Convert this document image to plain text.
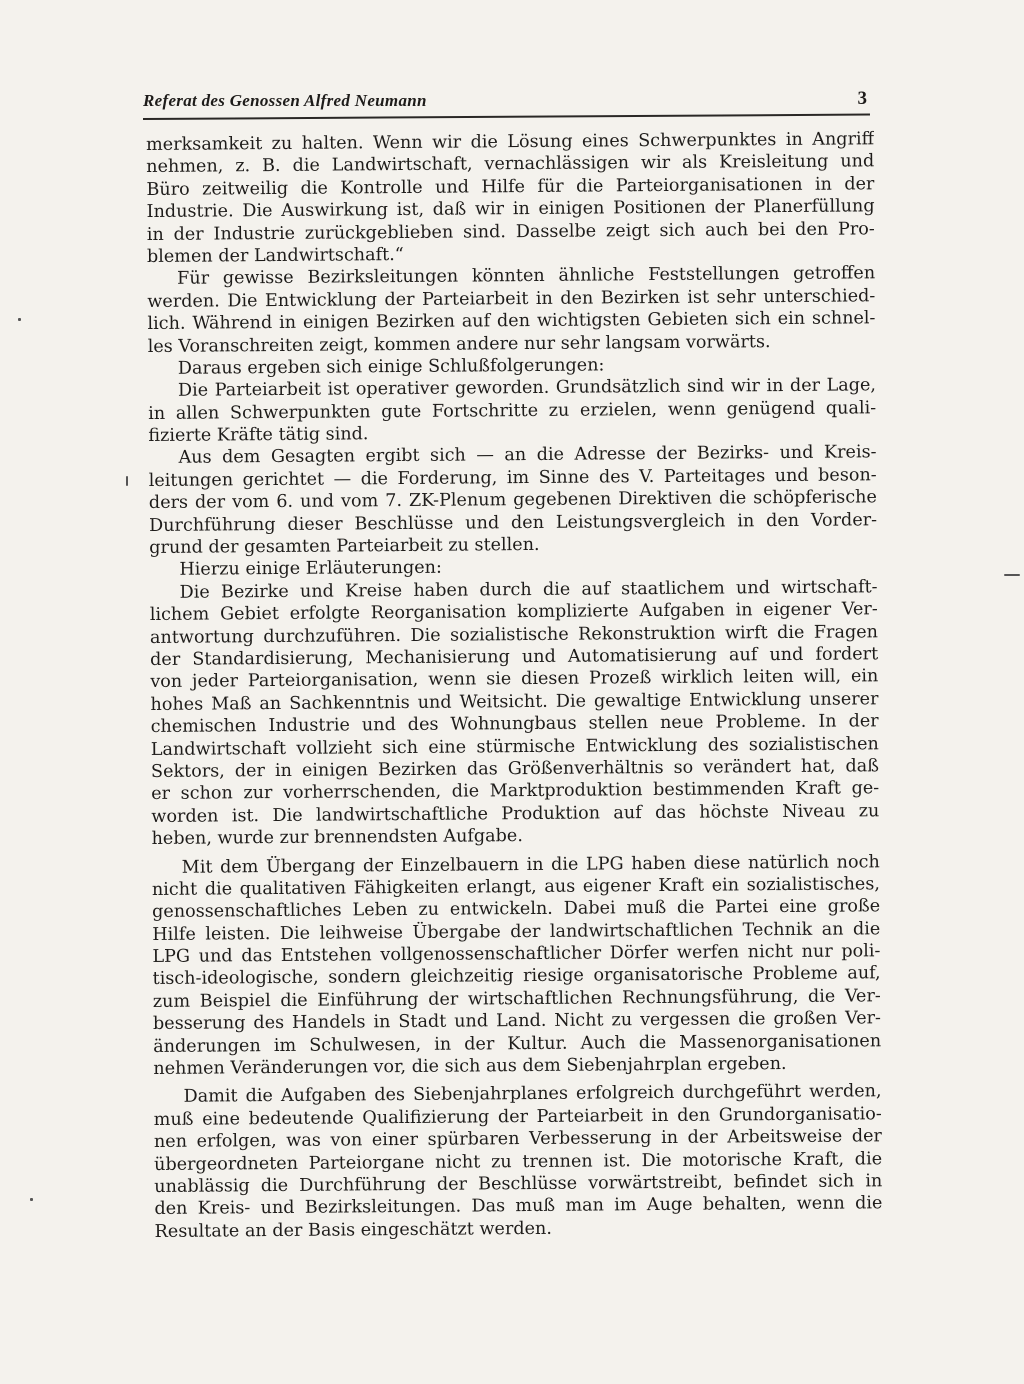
Referat des Genossen Alfred Neumann	3
merksamkeit zu halten. Wenn wir die Lösung eines Schwerpunktes in Angriff
nehmen, z. B. die Landwirtschaft, vernachlässigen wir als Kreisleitung und
Büro zeitweilig die Kontrolle und Hilfe für die Parteiorganisationen in der
Industrie. Die Auswirkung ist, daß wir in einigen Positionen der Planerfüllung
in der Industrie zurückgeblieben sind. Dasselbe zeigt sich auch bei den Pro-
blemen der Landwirtschaft.“
Für gewisse Bezirksleitungen könnten ähnliche Feststellungen getroffen
werden. Die Entwicklung der Parteiarbeit in den Bezirken ist sehr unterschied-
lich. Während in einigen Bezirken auf den wichtigsten Gebieten sich ein schnel-
les Voranschreiten zeigt, kommen andere nur sehr langsam vorwärts.
Daraus ergeben sich einige Schlußfolgerungen:
Die Parteiarbeit ist operativer geworden. Grundsätzlich sind wir in der Lage,
in allen Schwerpunkten gute Fortschritte zu erzielen, wenn genügend quali-
fizierte Kräfte tätig sind.
Aus dem Gesagten ergibt sich — an die Adresse der Bezirks- und Kreis-
leitungen gerichtet — die Forderung, im Sinne des V. Parteitages und beson-
ders der vom 6. und vom 7. ZK-Plenum gegebenen Direktiven die schöpferische
Durchführung dieser Beschlüsse und den Leistungsvergleich in den Vorder-
grund der gesamten Parteiarbeit zu stellen.
Hierzu einige Erläuterungen:
Die Bezirke und Kreise haben durch die auf staatlichem und wirtschaft-
lichem Gebiet erfolgte Reorganisation komplizierte Aufgaben in eigener Ver-
antwortung durchzuführen. Die sozialistische Rekonstruktion wirft die Fragen
der Standardisierung, Mechanisierung und Automatisierung auf und fordert
von jeder Parteiorganisation, wenn sie diesen Prozeß wirklich leiten will, ein
hohes Maß an Sachkenntnis und Weitsicht. Die gewaltige Entwicklung unserer
chemischen Industrie und des Wohnungbaus stellen neue Probleme. In der
Landwirtschaft vollzieht sich eine stürmische Entwicklung des sozialistischen
Sektors, der in einigen Bezirken das Größenverhältnis so verändert hat, daß
er schon zur vorherrschenden, die Marktproduktion bestimmenden Kraft ge-
worden ist. Die landwirtschaftliche Produktion auf das höchste Niveau zu
heben, wurde zur brennendsten Aufgabe.
Mit dem Übergang der Einzelbauern in die LPG haben diese natürlich noch
nicht die qualitativen Fähigkeiten erlangt, aus eigener Kraft ein sozialistisches,
genossenschaftliches Leben zu entwickeln. Dabei muß die Partei eine große
Hilfe leisten. Die leihweise Übergabe der landwirtschaftlichen Technik an die
LPG und das Entstehen vollgenossenschaftlicher Dörfer werfen nicht nur poli-
tisch-ideologische, sondern gleichzeitig riesige organisatorische Probleme auf,
zum Beispiel die Einführung der wirtschaftlichen Rechnungsführung, die Ver-
besserung des Handels in Stadt und Land. Nicht zu vergessen die großen Ver-
änderungen im Schulwesen, in der Kultur. Auch die Massenorganisationen
nehmen Veränderungen vor, die sich aus dem Siebenjahrplan ergeben.
Damit die Aufgaben des Siebenjahrplanes erfolgreich durchgeführt werden,
muß eine bedeutende Qualifizierung der Parteiarbeit in den Grundorganisatio-
nen erfolgen, was von einer spürbaren Verbesserung in der Arbeitsweise der
übergeordneten Parteiorgane nicht zu trennen ist. Die motorische Kraft, die
unablässig die Durchführung der Beschlüsse vorwärtstreibt, befindet sich in
den Kreis- und Bezirksleitungen. Das muß man im Auge behalten, wenn die
Resultate an der Basis eingeschätzt werden.
